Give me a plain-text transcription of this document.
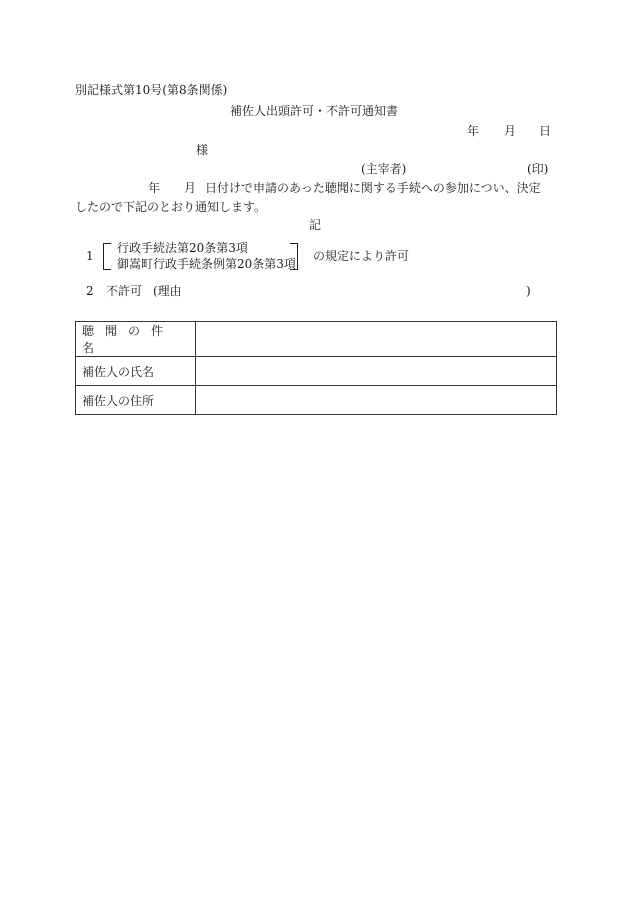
別記様式第10号(第8条関係)
補佐人出頭許可・不許可通知書
年 月 日
様
(主宰者)	(印)
年 月 日付けで申請のあった聴聞に関する手続への参加につい、決定
したので下記のとおり通知します。
記
1
行政手続法第20条第3項
御嵩町行政手続条例第20条第3項
の規定により許可
2 不許可 (理由	)
聴聞の件名	
補佐人の氏名	
補佐人の住所	
